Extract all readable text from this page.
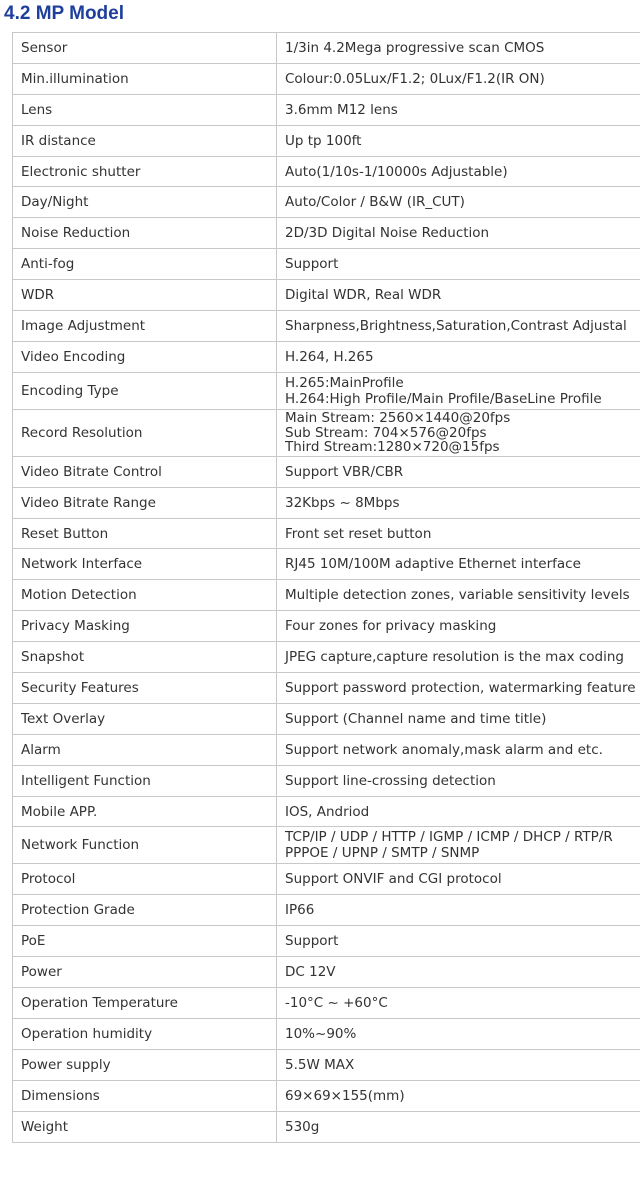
4.2 MP Model
Sensor	1/3in 4.2Mega progressive scan CMOS

Min.illumination	Colour:0.05Lux/F1.2; 0Lux/F1.2(IR ON)

Lens	3.6mm M12 lens

IR distance	Up tp 100ft

Electronic shutter	Auto(1/10s-1/10000s Adjustable)

Day/Night	Auto/Color / B&W (IR_CUT)

Noise Reduction	2D/3D Digital Noise Reduction

Anti-fog	Support

WDR	Digital WDR, Real WDR

Image Adjustment	Sharpness,Brightness,Saturation,Contrast Adjustal

Video Encoding	H.264, H.265

Encoding Type	H.265:MainProfile
H.264:High Profile/Main Profile/BaseLine Profile

Record Resolution	Main Stream: 2560×1440@20fps
Sub Stream: 704×576@20fps
Third Stream:1280×720@15fps

Video Bitrate Control	Support VBR/CBR

Video Bitrate Range	32Kbps ~ 8Mbps

Reset Button	Front set reset button

Network Interface	RJ45 10M/100M adaptive Ethernet interface

Motion Detection	Multiple detection zones, variable sensitivity levels

Privacy Masking	Four zones for privacy masking

Snapshot	JPEG capture,capture resolution is the max coding

Security Features	Support password protection, watermarking feature

Text Overlay	Support (Channel name and time title)

Alarm	Support network anomaly,mask alarm and etc.

Intelligent Function	Support line-crossing detection

Mobile APP.	IOS, Andriod

Network Function	TCP/IP / UDP / HTTP / IGMP / ICMP / DHCP / RTP/R
PPPOE / UPNP / SMTP / SNMP

Protocol	Support ONVIF and CGI protocol

Protection Grade	IP66

PoE	Support

Power	DC 12V

Operation Temperature	-10°C ~ +60°C

Operation humidity	10%~90%

Power supply	5.5W MAX

Dimensions	69×69×155(mm)

Weight	530g
